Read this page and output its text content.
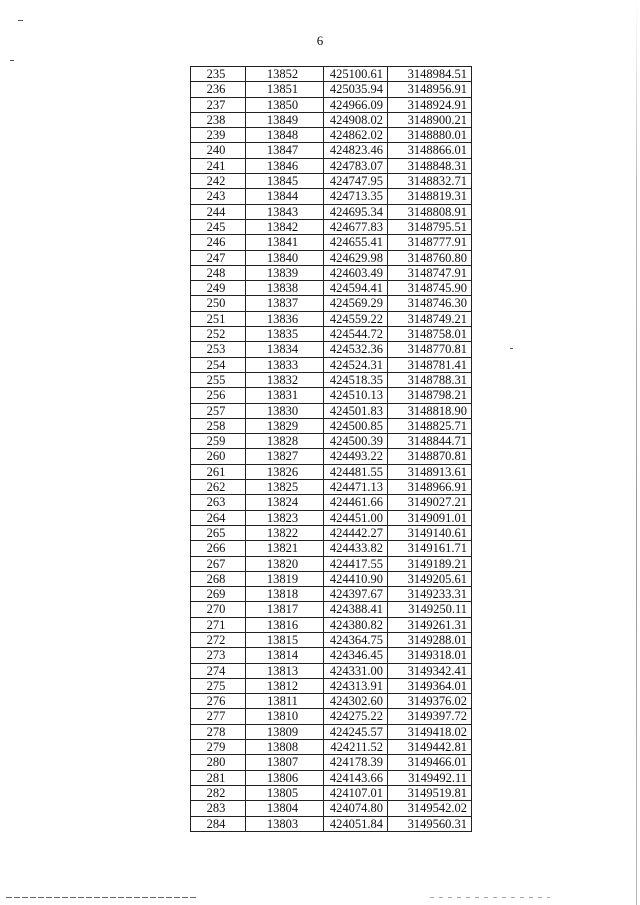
6
235	13852	425100.61	3148984.51
236	13851	425035.94	3148956.91
237	13850	424966.09	3148924.91
238	13849	424908.02	3148900.21
239	13848	424862.02	3148880.01
240	13847	424823.46	3148866.01
241	13846	424783.07	3148848.31
242	13845	424747.95	3148832.71
243	13844	424713.35	3148819.31
244	13843	424695.34	3148808.91
245	13842	424677.83	3148795.51
246	13841	424655.41	3148777.91
247	13840	424629.98	3148760.80
248	13839	424603.49	3148747.91
249	13838	424594.41	3148745.90
250	13837	424569.29	3148746.30
251	13836	424559.22	3148749.21
252	13835	424544.72	3148758.01
253	13834	424532.36	3148770.81
254	13833	424524.31	3148781.41
255	13832	424518.35	3148788.31
256	13831	424510.13	3148798.21
257	13830	424501.83	3148818.90
258	13829	424500.85	3148825.71
259	13828	424500.39	3148844.71
260	13827	424493.22	3148870.81
261	13826	424481.55	3148913.61
262	13825	424471.13	3148966.91
263	13824	424461.66	3149027.21
264	13823	424451.00	3149091.01
265	13822	424442.27	3149140.61
266	13821	424433.82	3149161.71
267	13820	424417.55	3149189.21
268	13819	424410.90	3149205.61
269	13818	424397.67	3149233.31
270	13817	424388.41	3149250.11
271	13816	424380.82	3149261.31
272	13815	424364.75	3149288.01
273	13814	424346.45	3149318.01
274	13813	424331.00	3149342.41
275	13812	424313.91	3149364.01
276	13811	424302.60	3149376.02
277	13810	424275.22	3149397.72
278	13809	424245.57	3149418.02
279	13808	424211.52	3149442.81
280	13807	424178.39	3149466.01
281	13806	424143.66	3149492.11
282	13805	424107.01	3149519.81
283	13804	424074.80	3149542.02
284	13803	424051.84	3149560.31
